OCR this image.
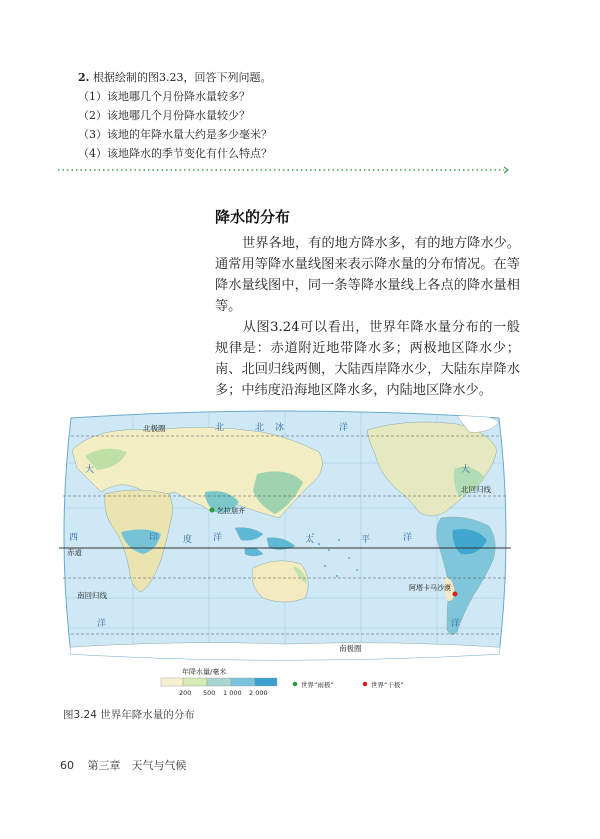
2. 根据绘制的图3.23，回答下列问题。
（1）该地哪几个月份降水量较多？
（2）该地哪几个月份降水量较少？
（3）该地的年降水量大约是多少毫米？
（4）该地降水的季节变化有什么特点？
降水的分布
世界各地，有的地方降水多，有的地方降水少。通常用等降水量线图来表示降水量的分布情况。在等降水量线图中，同一条等降水量线上各点的降水量相等。
从图3.24可以看出，世界年降水量分布的一般规律是：赤道附近地带降水多；两极地区降水少；南、北回归线两侧，大陆西岸降水少，大陆东岸降水多；中纬度沿海地区降水多，内陆地区降水少。
北极圈
北回归线
赤道
南回归线
南极圈
北	北 冰	洋
大	大
印	度 洋	太	平	洋
西
洋	洋
乞拉朋齐
阿塔卡马沙漠
年降水量/毫米
200 500 1 000 2 000
世界“雨极”	世界“干极”
图3.24 世界年降水量的分布
60 第三章　天气与气候
